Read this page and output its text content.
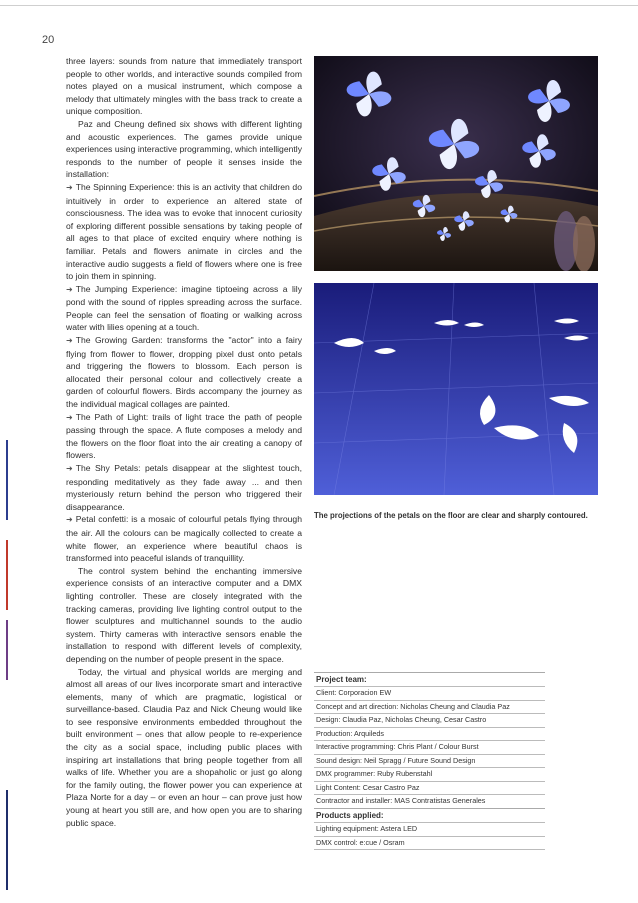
20

three layers: sounds from nature that immediately transport people to other worlds, and interactive sounds compiled from notes played on a musical instrument, which compose a melody that ultimately mingles with the bass track to create a unique composition.

Paz and Cheung defined six shows with different lighting and acoustic experiences. The games provide unique experiences using interactive programming, which intelligently responds to the number of people it senses inside the installation:

➜ The Spinning Experience: this is an activity that children do intuitively in order to experience an altered state of consciousness. The idea was to evoke that innocent curiosity of exploring different possible sensations by taking people of all ages to that place of excited enquiry where nothing is familiar. Petals and flowers animate in circles and the interactive audio suggests a field of flowers where one is free to join them in spinning.

➜ The Jumping Experience: imagine tiptoeing across a lily pond with the sound of ripples spreading across the surface. People can feel the sensation of floating or walking across water with lilies opening at a touch.

➜ The Growing Garden: transforms the "actor" into a fairy flying from flower to flower, dropping pixel dust onto petals and triggering the flowers to blossom. Each person is allocated their personal colour and collectively create a garden of colourful flowers. Birds accompany the journey as the individual magical collages are painted.

➜ The Path of Light: trails of light trace the path of people passing through the space. A flute composes a melody and the flowers on the floor float into the air creating a canopy of flowers.

➜ The Shy Petals: petals disappear at the slightest touch, responding meditatively as they fade away ... and then mysteriously return behind the person who triggered their disappearance.

➜ Petal confetti: is a mosaic of colourful petals flying through the air. All the colours can be magically collected to create a white flower, an experience where beautiful chaos is transformed into peaceful islands of tranquillity.

The control system behind the enchanting immersive experience consists of an interactive computer and a DMX lighting controller. These are closely integrated with the tracking cameras, providing live lighting control output to the flower sculptures and multichannel sounds to the audio system. Thirty cameras with interactive sensors enable the installation to respond with different levels of complexity, depending on the number of people present in the space.

Today, the virtual and physical worlds are merging and almost all areas of our lives incorporate smart and interactive elements, many of which are pragmatic, logistical or surveillance-based. Claudia Paz and Nick Cheung would like to see responsive environments embedded throughout the built environment – ones that allow people to re-experience the city as a social space, including public places with inspiring art installations that bring people together from all walks of life. Whether you are a shopaholic or just go along for the family outing, the flower power you can experience at Plaza Norte for a day – or even an hour – can prove just how young at heart you still are, and how open you are to sharing public space.

The projections of the petals on the floor are clear and sharply contoured.
Project team:
Client: Corporacion EW
Concept and art direction: Nicholas Cheung and Claudia Paz
Design: Claudia Paz, Nicholas Cheung, Cesar Castro
Production: Arquileds
Interactive programming: Chris Plant / Colour Burst
Sound design: Neil Spragg / Future Sound Design
DMX programmer: Ruby Rubenstahl
Light Content: Cesar Castro Paz
Contractor and installer: MAS Contratistas Generales
Products applied:
Lighting equipment: Astera LED
DMX control: e:cue / Osram
